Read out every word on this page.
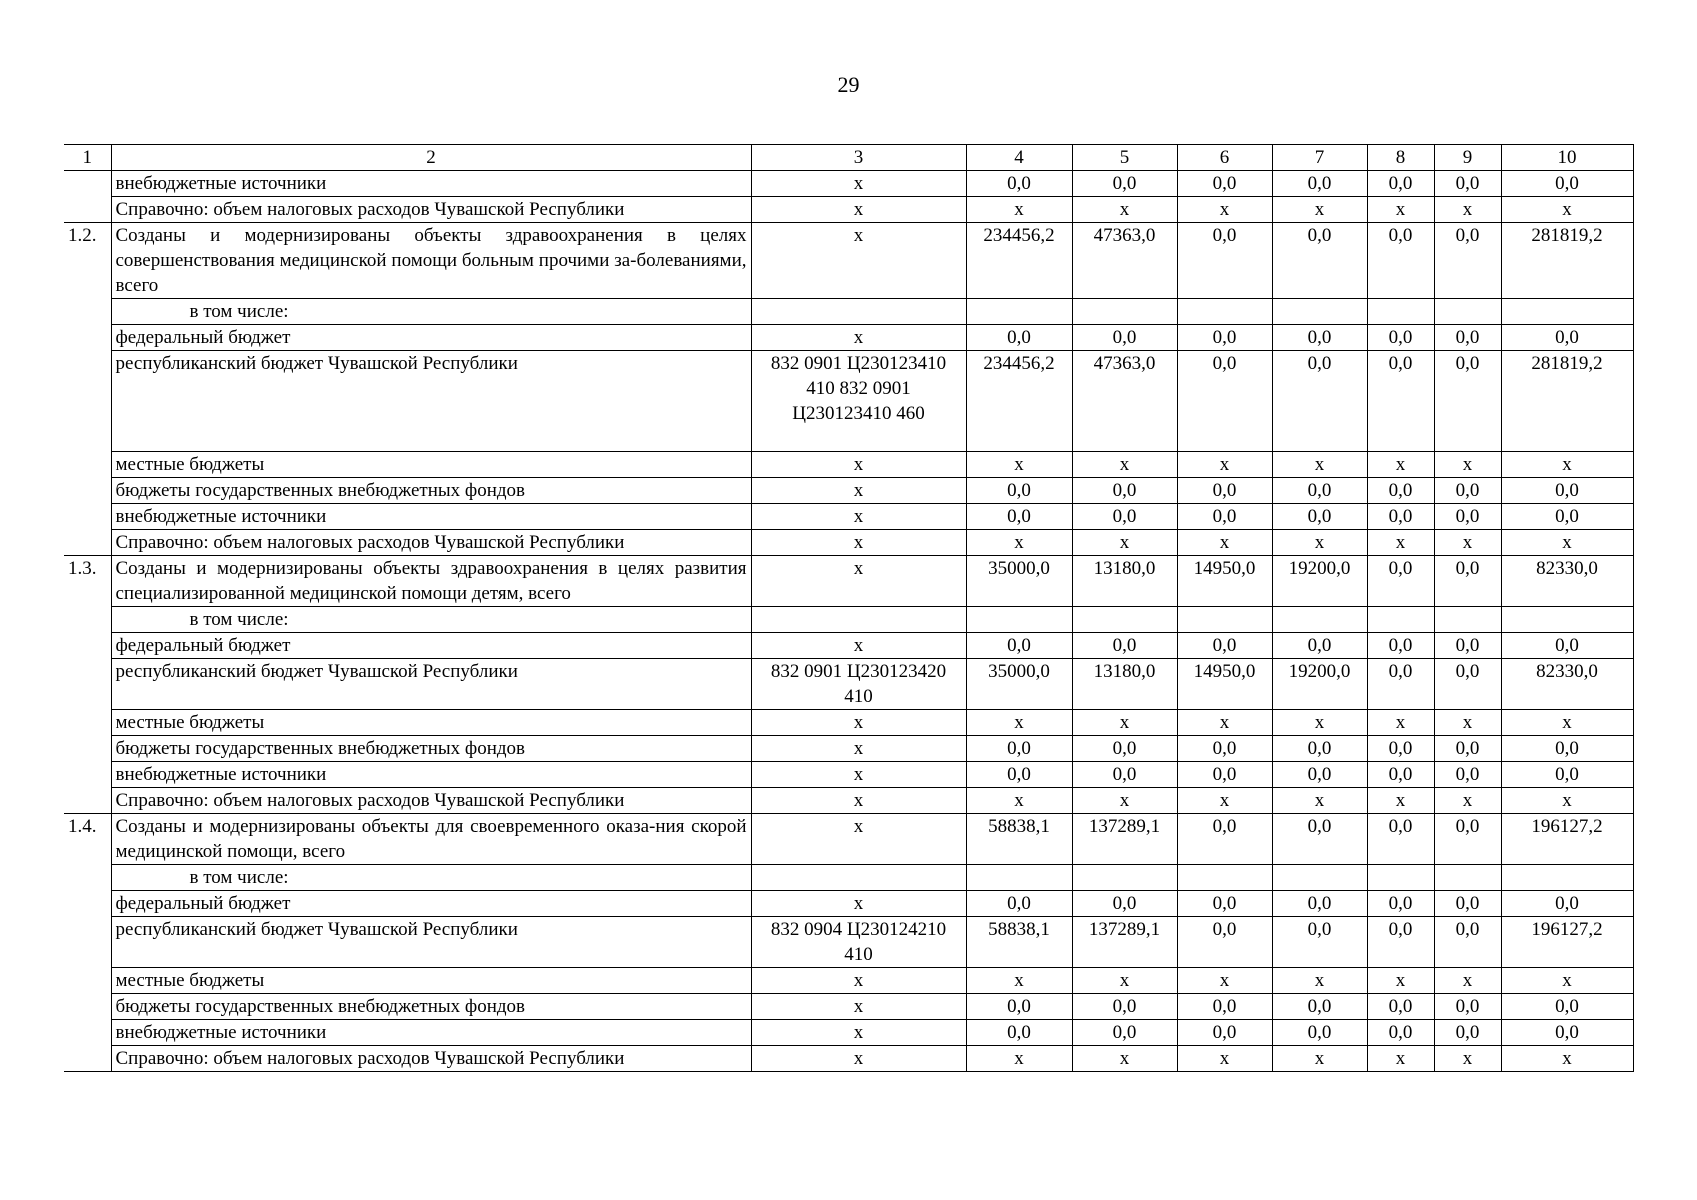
29
1	2	3	4	5	6	7	8	9	10
	внебюджетные источники	х	0,0	0,0	0,0	0,0	0,0	0,0	0,0
	Справочно: объем налоговых расходов Чувашской Республики	х	х	х	х	х	х	х	х
1.2.	Созданы и модернизированы объекты здравоохранения в целях совершенствования медицинской помощи больным прочими за-болеваниями, всего	х	234456,2	47363,0	0,0	0,0	0,0	0,0	281819,2
	в том числе:								
	федеральный бюджет	х	0,0	0,0	0,0	0,0	0,0	0,0	0,0
	республиканский бюджет Чувашской Республики	832 0901 Ц230123410 410 832 0901 Ц230123410 460	234456,2	47363,0	0,0	0,0	0,0	0,0	281819,2
	местные бюджеты	х	х	х	х	х	х	х	х
	бюджеты государственных внебюджетных фондов	х	0,0	0,0	0,0	0,0	0,0	0,0	0,0
	внебюджетные источники	х	0,0	0,0	0,0	0,0	0,0	0,0	0,0
	Справочно: объем налоговых расходов Чувашской Республики	х	х	х	х	х	х	х	х
1.3.	Созданы и модернизированы объекты здравоохранения в целях развития специализированной медицинской помощи детям, всего	х	35000,0	13180,0	14950,0	19200,0	0,0	0,0	82330,0
	в том числе:								
	федеральный бюджет	х	0,0	0,0	0,0	0,0	0,0	0,0	0,0
	республиканский бюджет Чувашской Республики	832 0901 Ц230123420 410	35000,0	13180,0	14950,0	19200,0	0,0	0,0	82330,0
	местные бюджеты	х	х	х	х	х	х	х	х
	бюджеты государственных внебюджетных фондов	х	0,0	0,0	0,0	0,0	0,0	0,0	0,0
	внебюджетные источники	х	0,0	0,0	0,0	0,0	0,0	0,0	0,0
	Справочно: объем налоговых расходов Чувашской Республики	х	х	х	х	х	х	х	х
1.4.	Созданы и модернизированы объекты для своевременного оказа-ния скорой медицинской помощи, всего	х	58838,1	137289,1	0,0	0,0	0,0	0,0	196127,2
	в том числе:								
	федеральный бюджет	х	0,0	0,0	0,0	0,0	0,0	0,0	0,0
	республиканский бюджет Чувашской Республики	832 0904 Ц230124210 410	58838,1	137289,1	0,0	0,0	0,0	0,0	196127,2
	местные бюджеты	х	х	х	х	х	х	х	х
	бюджеты государственных внебюджетных фондов	х	0,0	0,0	0,0	0,0	0,0	0,0	0,0
	внебюджетные источники	х	0,0	0,0	0,0	0,0	0,0	0,0	0,0
	Справочно: объем налоговых расходов Чувашской Республики	х	х	х	х	х	х	х	х
